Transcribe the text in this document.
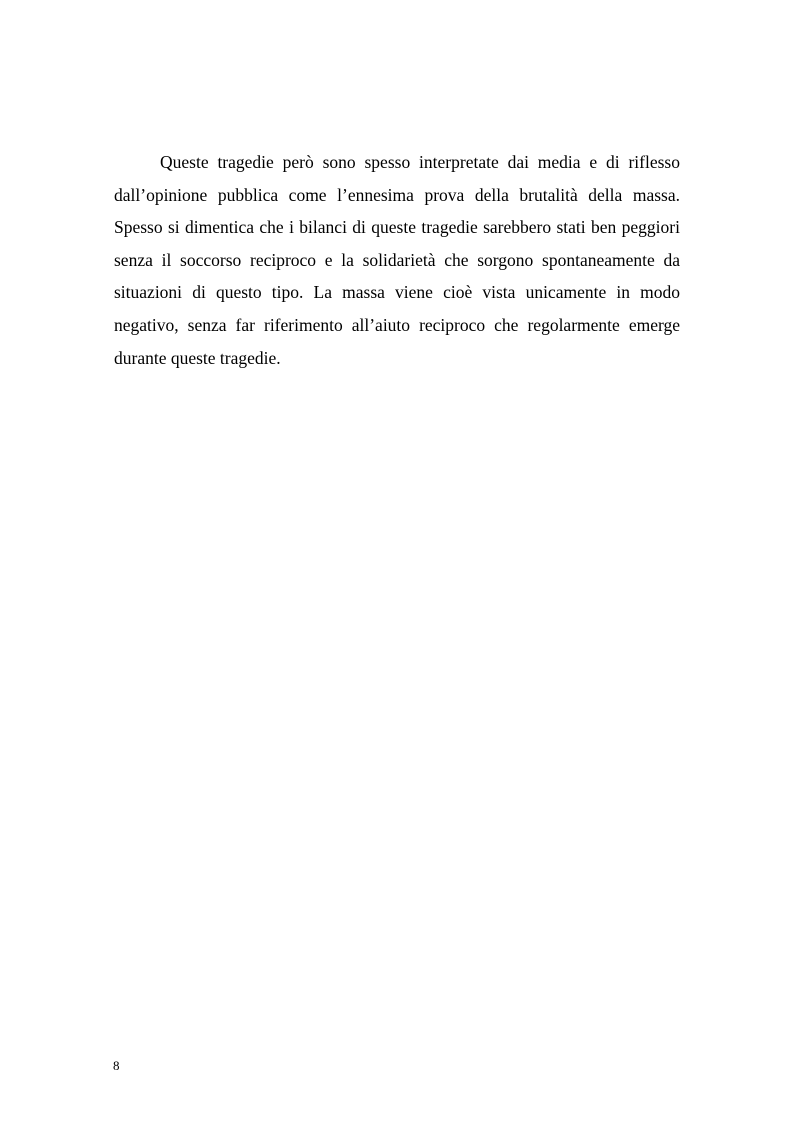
Queste tragedie però sono spesso interpretate dai media e di riflesso dall’opinione pubblica come l’ennesima prova della brutalità della massa. Spesso si dimentica che i bilanci di queste tragedie sarebbero stati ben peggiori senza il soccorso reciproco e la solidarietà che sorgono spontaneamente da situazioni di questo tipo. La massa viene cioè vista unicamente in modo negativo, senza far riferimento all’aiuto reciproco che regolarmente emerge durante queste tragedie.

8
